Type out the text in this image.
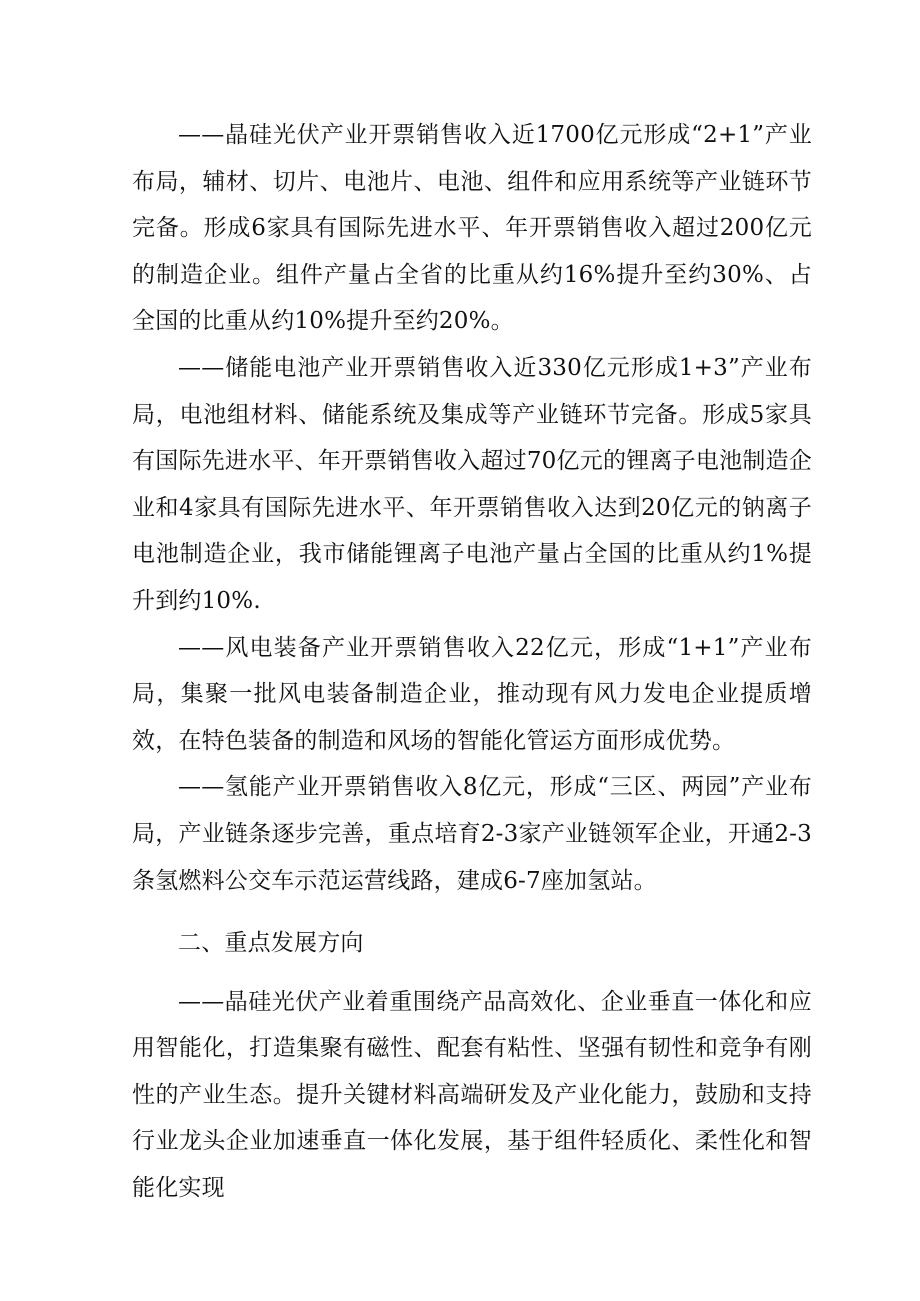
——晶硅光伏产业开票销售收入近1700亿元形成“2+1”产业布局，辅材、切片、电池片、电池、组件和应用系统等产业链环节完备。形成6家具有国际先进水平、年开票销售收入超过200亿元的制造企业。组件产量占全省的比重从约16%提升至约30%、占全国的比重从约10%提升至约20%。

——储能电池产业开票销售收入近330亿元形成1+3”产业布局，电池组材料、储能系统及集成等产业链环节完备。形成5家具有国际先进水平、年开票销售收入超过70亿元的锂离子电池制造企业和4家具有国际先进水平、年开票销售收入达到20亿元的钠离子电池制造企业，我市储能锂离子电池产量占全国的比重从约1%提升到约10%.

——风电装备产业开票销售收入22亿元，形成“1+1”产业布局，集聚一批风电装备制造企业，推动现有风力发电企业提质增效，在特色装备的制造和风场的智能化管运方面形成优势。

——氢能产业开票销售收入8亿元，形成“三区、两园”产业布局，产业链条逐步完善，重点培育2-3家产业链领军企业，开通2-3条氢燃料公交车示范运营线路，建成6-7座加氢站。

二、重点发展方向

——晶硅光伏产业着重围绕产品高效化、企业垂直一体化和应用智能化，打造集聚有磁性、配套有粘性、坚强有韧性和竞争有刚性的产业生态。提升关键材料高端研发及产业化能力，鼓励和支持行业龙头企业加速垂直一体化发展，基于组件轻质化、柔性化和智能化实现
